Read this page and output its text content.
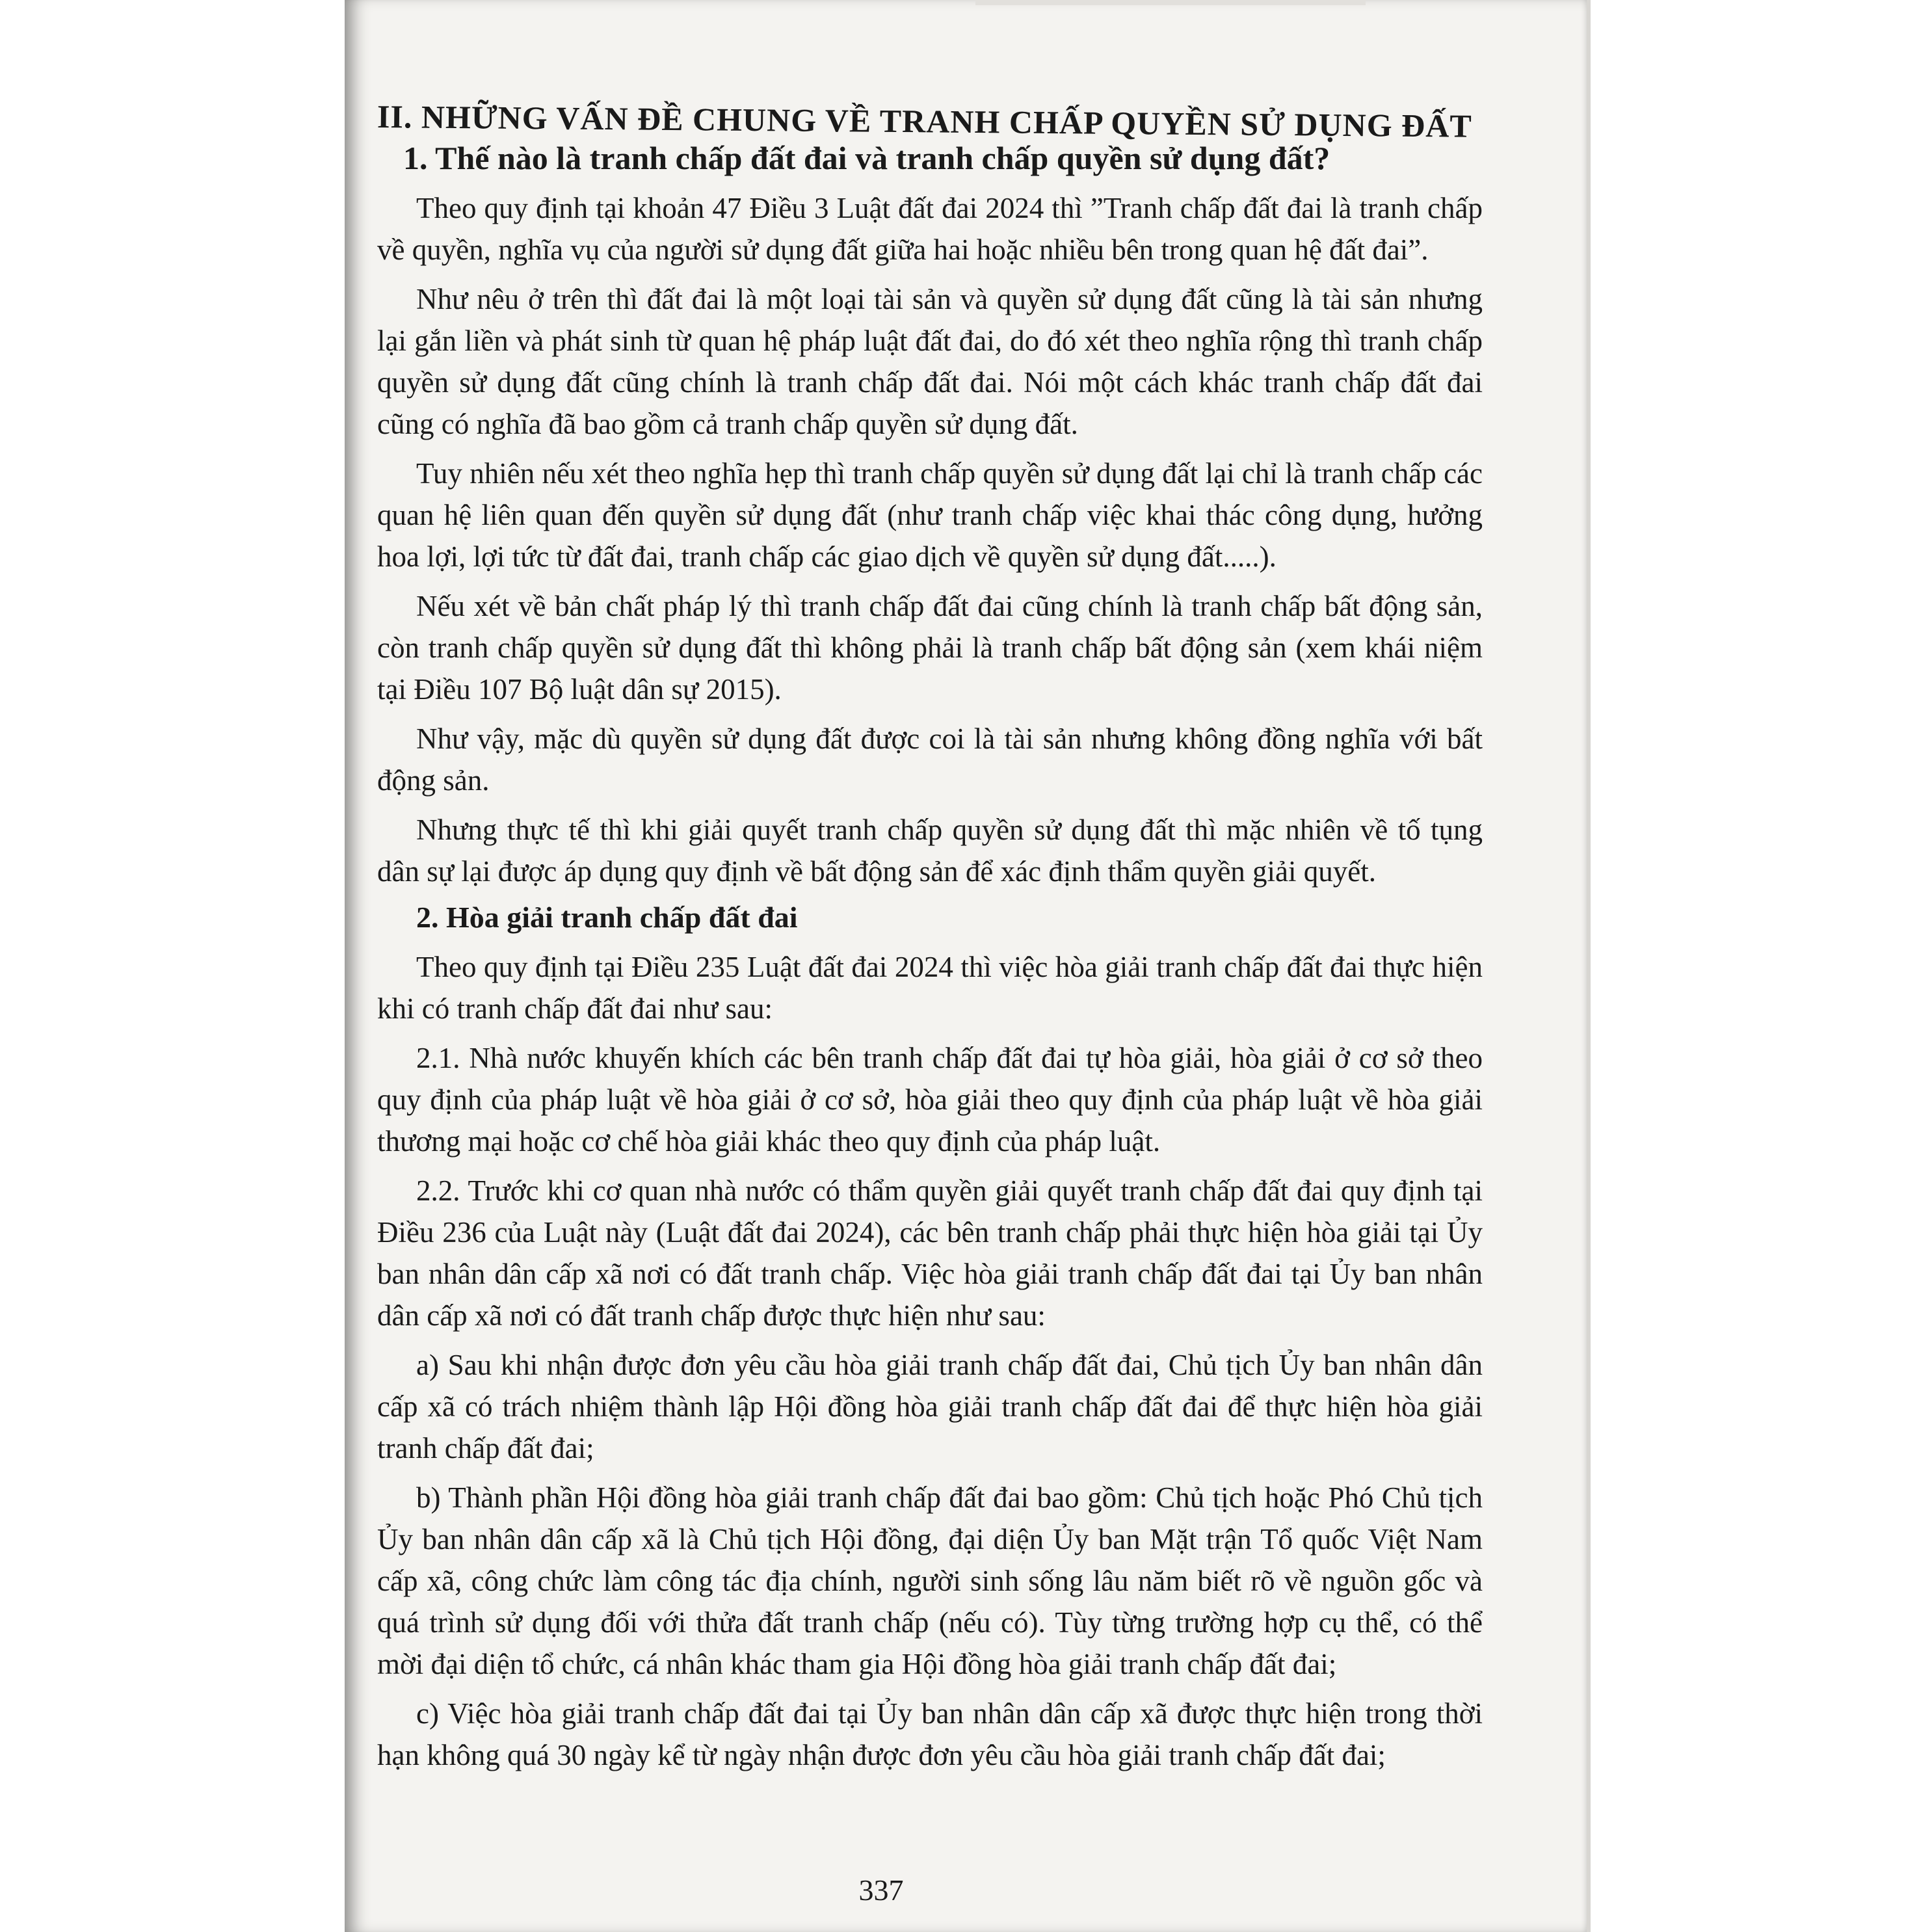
II. NHỮNG VẤN ĐỀ CHUNG VỀ TRANH CHẤP QUYỀN SỬ DỤNG ĐẤT
1. Thế nào là tranh chấp đất đai và tranh chấp quyền sử dụng đất?

Theo quy định tại khoản 47 Điều 3 Luật đất đai 2024 thì ”Tranh chấp đất đai là tranh chấp về quyền, nghĩa vụ của người sử dụng đất giữa hai hoặc nhiều bên trong quan hệ đất đai”.

Như nêu ở trên thì đất đai là một loại tài sản và quyền sử dụng đất cũng là tài sản nhưng lại gắn liền và phát sinh từ quan hệ pháp luật đất đai, do đó xét theo nghĩa rộng thì tranh chấp quyền sử dụng đất cũng chính là tranh chấp đất đai. Nói một cách khác tranh chấp đất đai cũng có nghĩa đã bao gồm cả tranh chấp quyền sử dụng đất.

Tuy nhiên nếu xét theo nghĩa hẹp thì tranh chấp quyền sử dụng đất lại chỉ là tranh chấp các quan hệ liên quan đến quyền sử dụng đất (như tranh chấp việc khai thác công dụng, hưởng hoa lợi, lợi tức từ đất đai, tranh chấp các giao dịch về quyền sử dụng đất.....).

Nếu xét về bản chất pháp lý thì tranh chấp đất đai cũng chính là tranh chấp bất động sản, còn tranh chấp quyền sử dụng đất thì không phải là tranh chấp bất động sản (xem khái niệm tại Điều 107 Bộ luật dân sự 2015).

Như vậy, mặc dù quyền sử dụng đất được coi là tài sản nhưng không đồng nghĩa với bất động sản.

Nhưng thực tế thì khi giải quyết tranh chấp quyền sử dụng đất thì mặc nhiên về tố tụng dân sự lại được áp dụng quy định về bất động sản để xác định thẩm quyền giải quyết.

2. Hòa giải tranh chấp đất đai

Theo quy định tại Điều 235 Luật đất đai 2024 thì việc hòa giải tranh chấp đất đai thực hiện khi có tranh chấp đất đai như sau:

2.1. Nhà nước khuyến khích các bên tranh chấp đất đai tự hòa giải, hòa giải ở cơ sở theo quy định của pháp luật về hòa giải ở cơ sở, hòa giải theo quy định của pháp luật về hòa giải thương mại hoặc cơ chế hòa giải khác theo quy định của pháp luật.

2.2. Trước khi cơ quan nhà nước có thẩm quyền giải quyết tranh chấp đất đai quy định tại Điều 236 của Luật này (Luật đất đai 2024), các bên tranh chấp phải thực hiện hòa giải tại Ủy ban nhân dân cấp xã nơi có đất tranh chấp. Việc hòa giải tranh chấp đất đai tại Ủy ban nhân dân cấp xã nơi có đất tranh chấp được thực hiện như sau:

a) Sau khi nhận được đơn yêu cầu hòa giải tranh chấp đất đai, Chủ tịch Ủy ban nhân dân cấp xã có trách nhiệm thành lập Hội đồng hòa giải tranh chấp đất đai để thực hiện hòa giải tranh chấp đất đai;

b) Thành phần Hội đồng hòa giải tranh chấp đất đai bao gồm: Chủ tịch hoặc Phó Chủ tịch Ủy ban nhân dân cấp xã là Chủ tịch Hội đồng, đại diện Ủy ban Mặt trận Tổ quốc Việt Nam cấp xã, công chức làm công tác địa chính, người sinh sống lâu năm biết rõ về nguồn gốc và quá trình sử dụng đối với thửa đất tranh chấp (nếu có). Tùy từng trường hợp cụ thể, có thể mời đại diện tổ chức, cá nhân khác tham gia Hội đồng hòa giải tranh chấp đất đai;

c) Việc hòa giải tranh chấp đất đai tại Ủy ban nhân dân cấp xã được thực hiện trong thời hạn không quá 30 ngày kể từ ngày nhận được đơn yêu cầu hòa giải tranh chấp đất đai;

337
